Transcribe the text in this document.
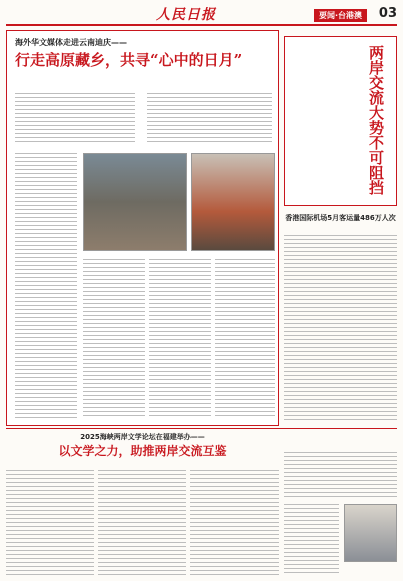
人民日报	要闻·台港澳	03
海外华文媒体走进云南迪庆——
行走高原藏乡，共寻“心中的日月”	两岸交流大势不可阻挡
香港国际机场5月客运量486万人次
2025海峡两岸文学论坛在福建举办——
以文学之力，助推两岸交流互鉴
